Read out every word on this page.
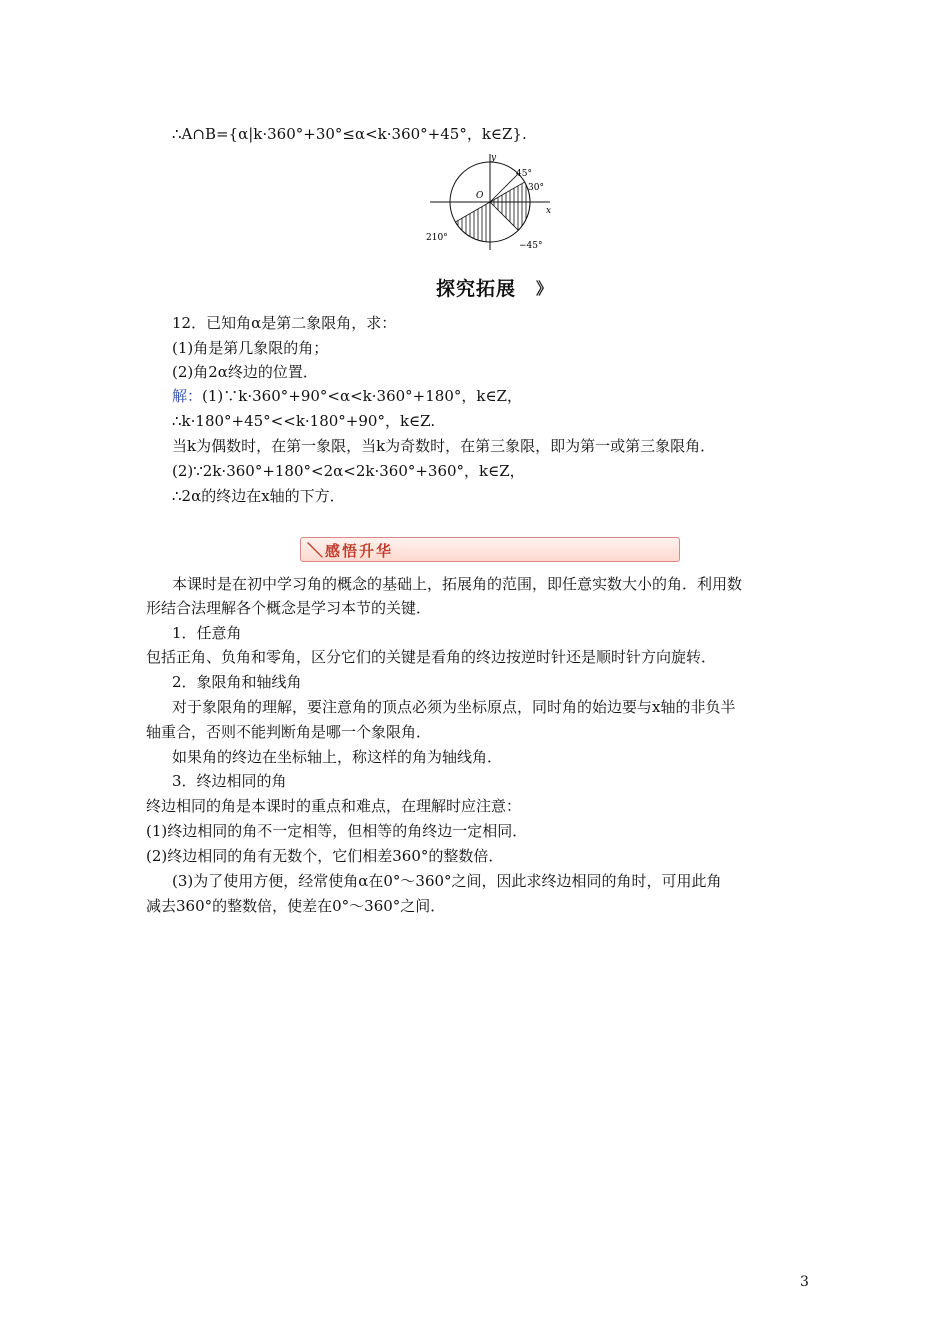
∴A∩B={α|k·360°+30°≤α<k·360°+45°，k∈Z}.
y
x
O
45°
30°
210°
−45°
探究拓展 》
12．已知角α是第二象限角，求：
(1)角是第几象限的角；
(2)角2α终边的位置．
解：(1)∵k·360°+90°<α<k·360°+180°，k∈Z，
∴k·180°+45°<<k·180°+90°，k∈Z.
当k为偶数时，在第一象限，当k为奇数时，在第三象限，即为第一或第三象限角．
(2)∵2k·360°+180°<2α<2k·360°+360°，k∈Z，
∴2α的终边在x轴的下方．
＼ 感悟升华
本课时是在初中学习角的概念的基础上，拓展角的范围，即任意实数大小的角．利用数
形结合法理解各个概念是学习本节的关键．
1．任意角
包括正角、负角和零角，区分它们的关键是看角的终边按逆时针还是顺时针方向旋转．
2．象限角和轴线角
对于象限角的理解，要注意角的顶点必须为坐标原点，同时角的始边要与x轴的非负半
轴重合，否则不能判断角是哪一个象限角．
如果角的终边在坐标轴上，称这样的角为轴线角．
3．终边相同的角
终边相同的角是本课时的重点和难点，在理解时应注意：
(1)终边相同的角不一定相等，但相等的角终边一定相同．
(2)终边相同的角有无数个，它们相差360°的整数倍．
(3)为了使用方便，经常使角α在0°～360°之间，因此求终边相同的角时，可用此角
减去360°的整数倍，使差在0°～360°之间．
3
